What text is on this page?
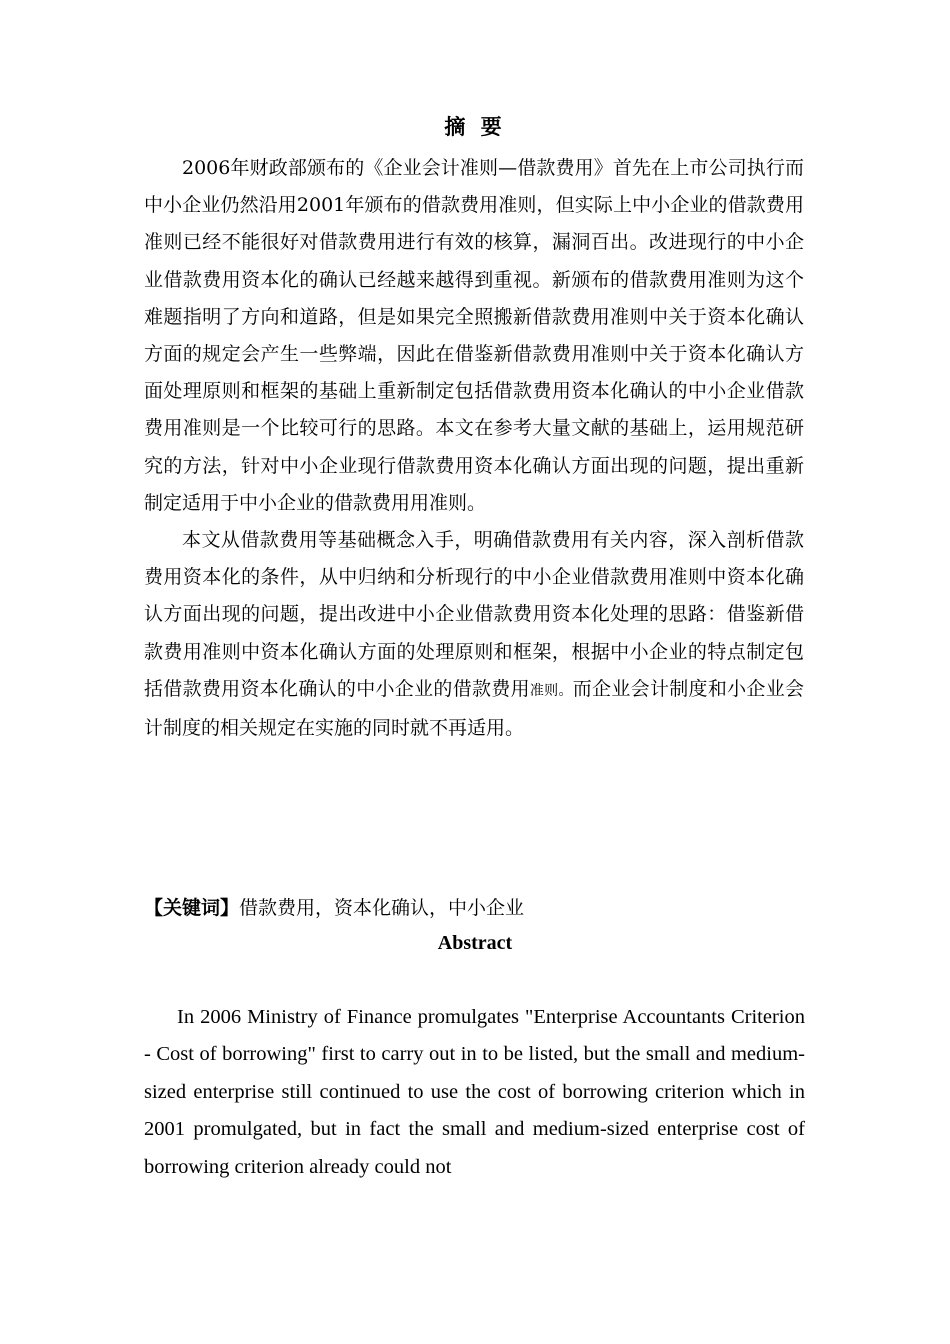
摘 要

2006年财政部颁布的《企业会计准则—借款费用》首先在上市公司执行而中小企业仍然沿用2001年颁布的借款费用准则，但实际上中小企业的借款费用准则已经不能很好对借款费用进行有效的核算，漏洞百出。改进现行的中小企业借款费用资本化的确认已经越来越得到重视。新颁布的借款费用准则为这个难题指明了方向和道路，但是如果完全照搬新借款费用准则中关于资本化确认方面的规定会产生一些弊端，因此在借鉴新借款费用准则中关于资本化确认方面处理原则和框架的基础上重新制定包括借款费用资本化确认的中小企业借款费用准则是一个比较可行的思路。本文在参考大量文献的基础上，运用规范研究的方法，针对中小企业现行借款费用资本化确认方面出现的问题，提出重新制定适用于中小企业的借款费用用准则。

本文从借款费用等基础概念入手，明确借款费用有关内容，深入剖析借款费用资本化的条件，从中归纳和分析现行的中小企业借款费用准则中资本化确认方面出现的问题，提出改进中小企业借款费用资本化处理的思路：借鉴新借款费用准则中资本化确认方面的处理原则和框架，根据中小企业的特点制定包括借款费用资本化确认的中小企业的借款费用准则。而企业会计制度和小企业会计制度的相关规定在实施的同时就不再适用。

【关键词】借款费用，资本化确认，中小企业
Abstract

In 2006 Ministry of Finance promulgates "Enterprise Accountants Criterion - Cost of borrowing" first to carry out in to be listed, but the small and medium-sized enterprise still continued to use the cost of borrowing criterion which in 2001 promulgated, but in fact the small and medium-sized enterprise cost of borrowing criterion already could not
